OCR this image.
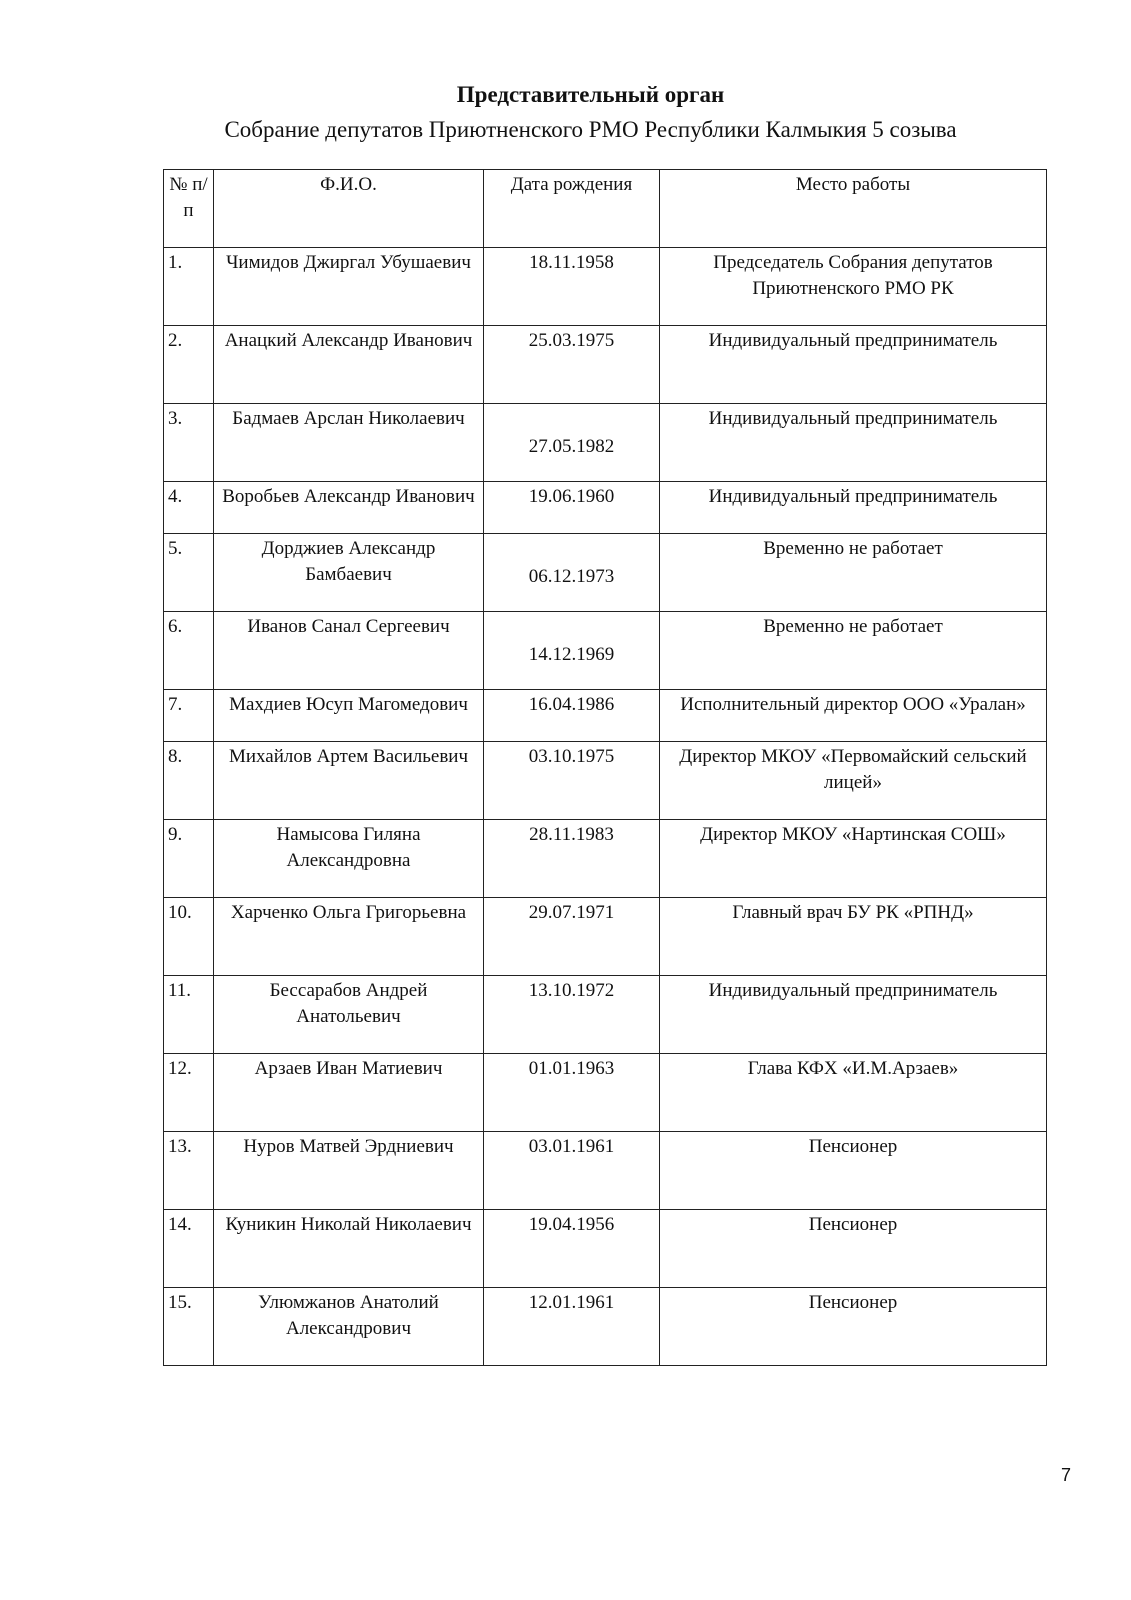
Представительный орган
Собрание депутатов Приютненского РМО Республики Калмыкия 5 созыва
№ п/п	Ф.И.О.	Дата рождения	Место работы
1.	Чимидов Джиргал Убушаевич	18.11.1958	Председатель Собрания депутатов Приютненского РМО РК
2.	Анацкий Александр Иванович	25.03.1975	Индивидуальный предприниматель
3.	Бадмаев Арслан Николаевич	27.05.1982	Индивидуальный предприниматель
4.	Воробьев Александр Иванович	19.06.1960	Индивидуальный предприниматель
5.	Дорджиев Александр Бамбаевич	06.12.1973	Временно не работает
6.	Иванов Санал Сергеевич	14.12.1969	Временно не работает
7.	Махдиев Юсуп Магомедович	16.04.1986	Исполнительный директор ООО «Уралан»
8.	Михайлов Артем Васильевич	03.10.1975	Директор МКОУ «Первомайский сельский лицей»
9.	Намысова Гиляна Александровна	28.11.1983	Директор МКОУ «Нартинская СОШ»
10.	Харченко Ольга Григорьевна	29.07.1971	Главный врач БУ РК «РПНД»
11.	Бессарабов Андрей Анатольевич	13.10.1972	Индивидуальный предприниматель
12.	Арзаев Иван Матиевич	01.01.1963	Глава КФХ «И.М.Арзаев»
13.	Нуров Матвей Эрдниевич	03.01.1961	Пенсионер
14.	Куникин Николай Николаевич	19.04.1956	Пенсионер
15.	Улюмжанов Анатолий Александрович	12.01.1961	Пенсионер
7
